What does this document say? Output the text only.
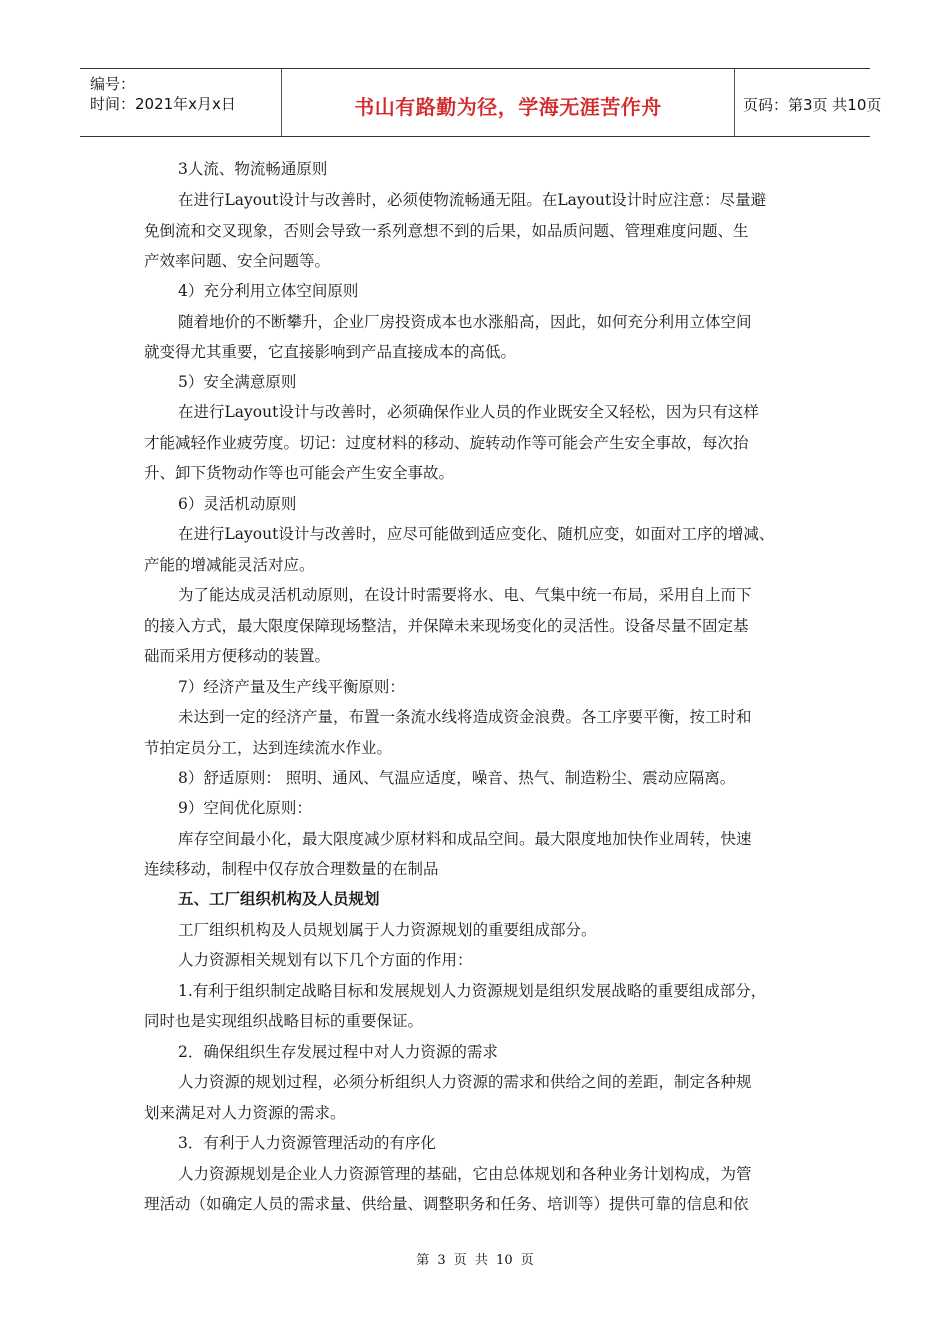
编号：
时间：2021年x月x日	书山有路勤为径，学海无涯苦作舟	页码：第3页 共10页
3人流、物流畅通原则
在进行Layout设计与改善时，必须使物流畅通无阻。在Layout设计时应注意：尽量避
免倒流和交叉现象，否则会导致一系列意想不到的后果，如品质问题、管理难度问题、生
产效率问题、安全问题等。
4）充分利用立体空间原则
随着地价的不断攀升，企业厂房投资成本也水涨船高，因此，如何充分利用立体空间
就变得尤其重要，它直接影响到产品直接成本的高低。
5）安全满意原则
在进行Layout设计与改善时，必须确保作业人员的作业既安全又轻松，因为只有这样
才能减轻作业疲劳度。切记：过度材料的移动、旋转动作等可能会产生安全事故，每次抬
升、卸下货物动作等也可能会产生安全事故。
6）灵活机动原则
在进行Layout设计与改善时，应尽可能做到适应变化、随机应变，如面对工序的增减、
产能的增减能灵活对应。
为了能达成灵活机动原则，在设计时需要将水、电、气集中统一布局，采用自上而下
的接入方式，最大限度保障现场整洁，并保障未来现场变化的灵活性。设备尽量不固定基
础而采用方便移动的装置。
7）经济产量及生产线平衡原则：
未达到一定的经济产量，布置一条流水线将造成资金浪费。各工序要平衡，按工时和
节拍定员分工，达到连续流水作业。
8）舒适原则： 照明、通风、气温应适度，噪音、热气、制造粉尘、震动应隔离。
9）空间优化原则：
库存空间最小化，最大限度减少原材料和成品空间。最大限度地加快作业周转，快速
连续移动，制程中仅存放合理数量的在制品
五、工厂组织机构及人员规划
工厂组织机构及人员规划属于人力资源规划的重要组成部分。
人力资源相关规划有以下几个方面的作用：
1.有利于组织制定战略目标和发展规划人力资源规划是组织发展战略的重要组成部分，
同时也是实现组织战略目标的重要保证。
2．确保组织生存发展过程中对人力资源的需求
人力资源的规划过程，必须分析组织人力资源的需求和供给之间的差距，制定各种规
划来满足对人力资源的需求。
3．有利于人力资源管理活动的有序化
人力资源规划是企业人力资源管理的基础，它由总体规划和各种业务计划构成，为管
理活动（如确定人员的需求量、供给量、调整职务和任务、培训等）提供可靠的信息和依
第 3 页 共 10 页
